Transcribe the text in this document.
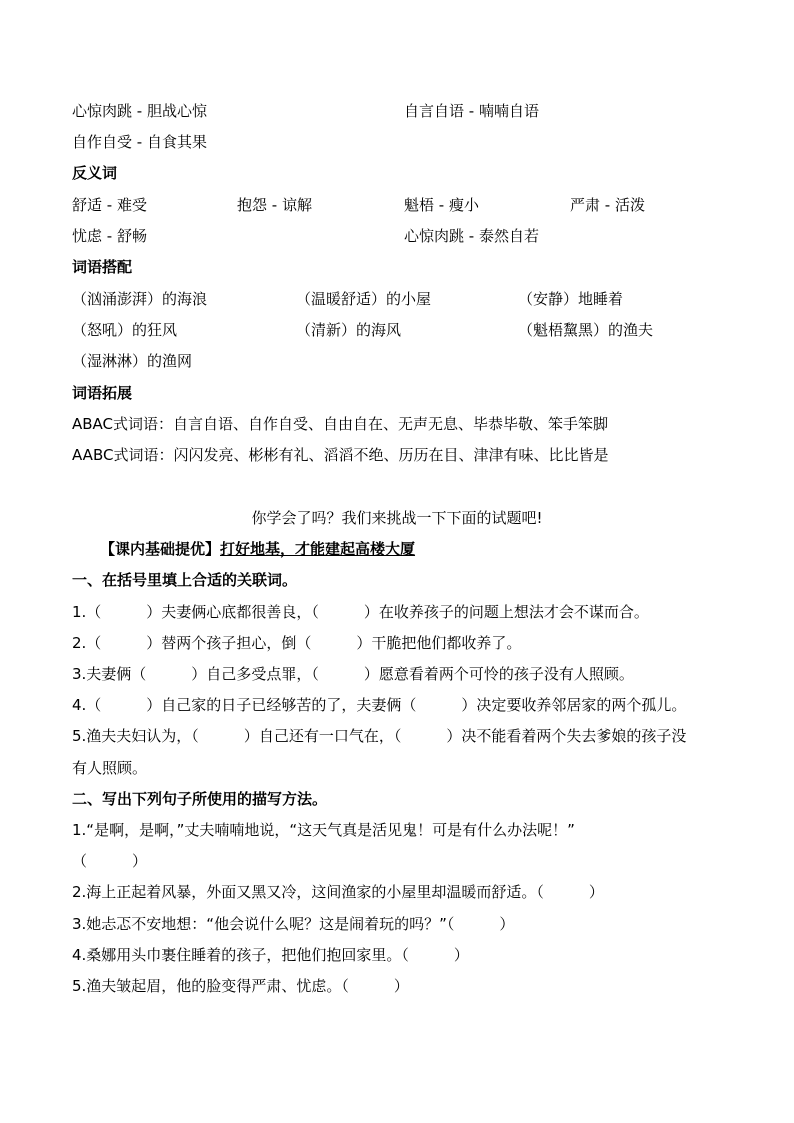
心惊肉跳 - 胆战心惊	自言自语 - 喃喃自语
自作自受 - 自食其果
反义词
舒适 - 难受	抱怨 - 谅解	魁梧 - 瘦小	严肃 - 活泼
忧虑 - 舒畅	心惊肉跳 - 泰然自若
词语搭配
（汹涌澎湃）的海浪	（温暖舒适）的小屋	（安静）地睡着
（怒吼）的狂风	（清新）的海风	（魁梧黧黑）的渔夫
（湿淋淋）的渔网
词语拓展
ABAC式词语：自言自语、自作自受、自由自在、无声无息、毕恭毕敬、笨手笨脚
AABC式词语：闪闪发亮、彬彬有礼、滔滔不绝、历历在目、津津有味、比比皆是
你学会了吗？我们来挑战一下下面的试题吧!
【课内基础提优】打好地基，才能建起高楼大厦
一、在括号里填上合适的关联词。
1.（　　　）夫妻俩心底都很善良，（　　　）在收养孩子的问题上想法才会不谋而合。
2.（　　　）替两个孩子担心，倒（　　　）干脆把他们都收养了。
3.夫妻俩（　　　）自己多受点罪，（　　　）愿意看着两个可怜的孩子没有人照顾。
4.（　　　）自己家的日子已经够苦的了，夫妻俩（　　　）决定要收养邻居家的两个孤儿。
5.渔夫夫妇认为，（　　　）自己还有一口气在，（　　　）决不能看着两个失去爹娘的孩子没
有人照顾。
二、写出下列句子所使用的描写方法。
1.“是啊，是啊，”丈夫喃喃地说，“这天气真是活见鬼！可是有什么办法呢！”
（　　　）
2.海上正起着风暴，外面又黑又冷，这间渔家的小屋里却温暖而舒适。（　　　）
3.她忐忑不安地想：“他会说什么呢？这是闹着玩的吗？”（　　　）
4.桑娜用头巾裹住睡着的孩子，把他们抱回家里。（　　　）
5.渔夫皱起眉，他的脸变得严肃、忧虑。（　　　）
